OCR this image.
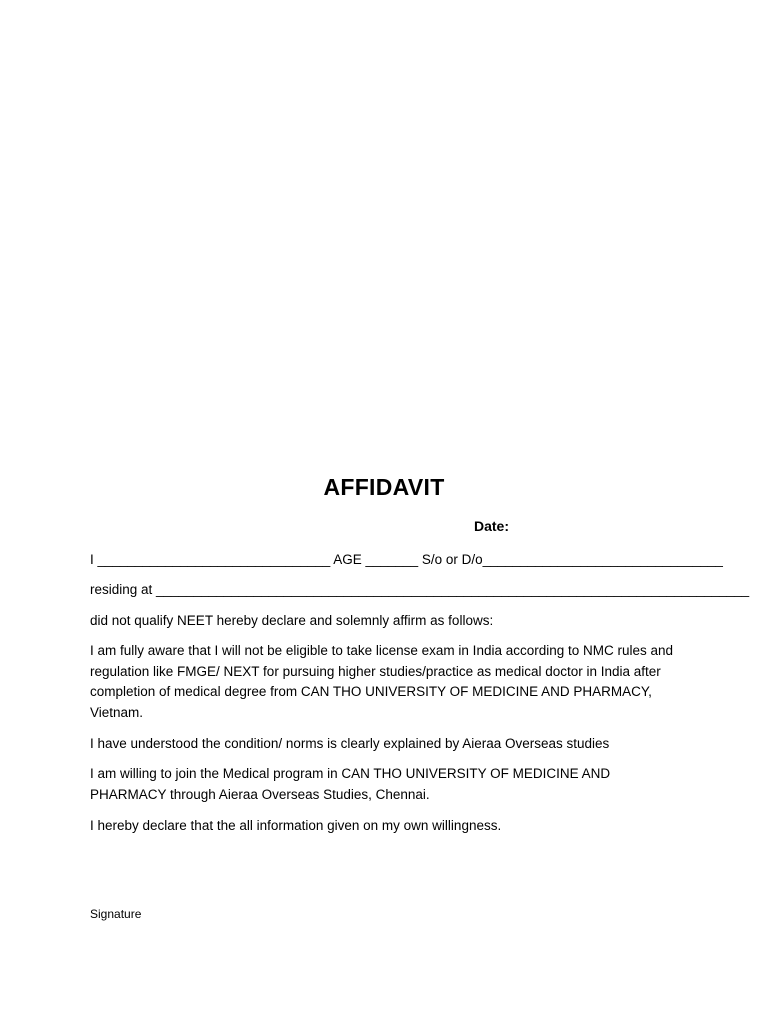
AFFIDAVIT
Date:
I _______________________________ AGE _______ S/o or D/o________________________________
residing at _______________________________________________________________________________
did not qualify NEET hereby declare and solemnly affirm as follows:
I am fully aware that I will not be eligible to take license exam in India according to NMC rules and regulation like FMGE/ NEXT for pursuing higher studies/practice as medical doctor in India after completion of medical degree from CAN THO UNIVERSITY OF MEDICINE AND PHARMACY, Vietnam.
I have understood the condition/ norms is clearly explained by Aieraa Overseas studies
I am willing to join the Medical program in CAN THO UNIVERSITY OF MEDICINE AND PHARMACY through Aieraa Overseas Studies, Chennai.
I hereby declare that the all information given on my own willingness.
Signature
